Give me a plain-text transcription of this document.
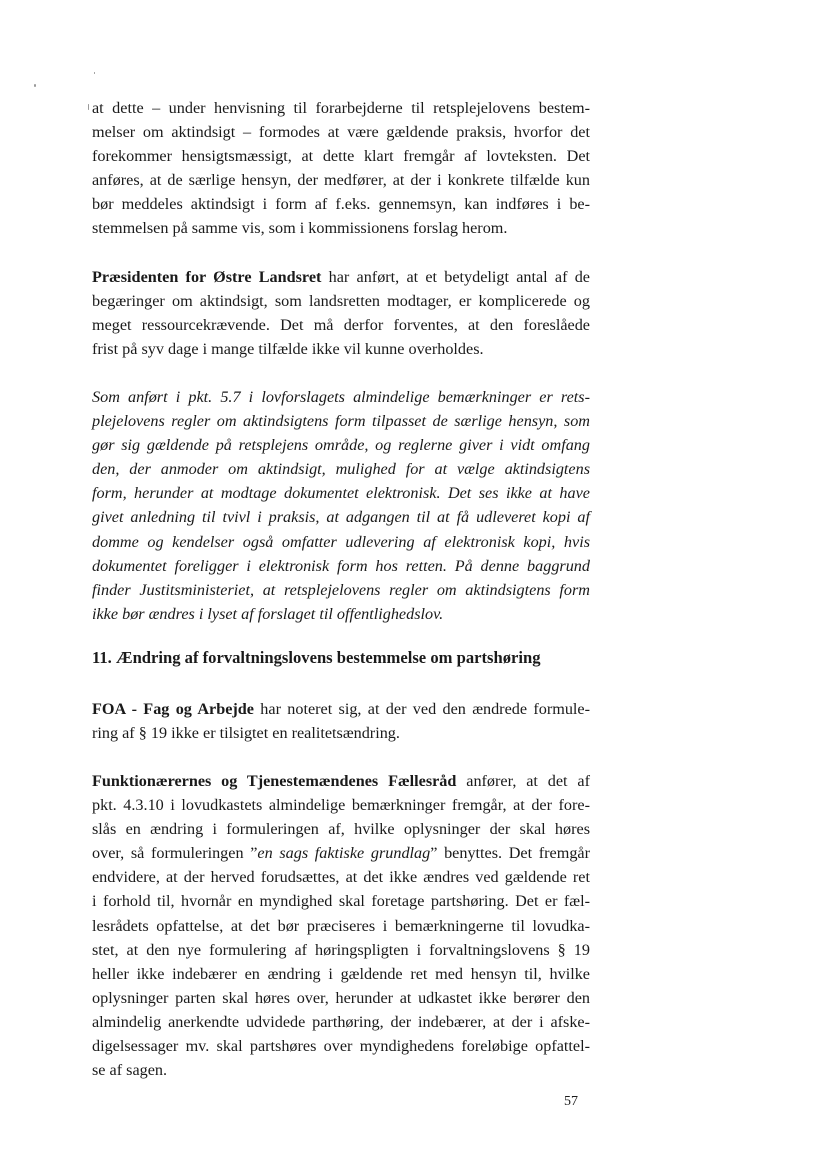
at dette – under henvisning til forarbejderne til retsplejelovens bestem-
melser om aktindsigt – formodes at være gældende praksis, hvorfor det
forekommer hensigtsmæssigt, at dette klart fremgår af lovteksten. Det
anføres, at de særlige hensyn, der medfører, at der i konkrete tilfælde kun
bør meddeles aktindsigt i form af f.eks. gennemsyn, kan indføres i be-
stemmelsen på samme vis, som i kommissionens forslag herom.
Præsidenten for Østre Landsret har anført, at et betydeligt antal af de
begæringer om aktindsigt, som landsretten modtager, er komplicerede og
meget ressourcekrævende. Det må derfor forventes, at den foreslåede
frist på syv dage i mange tilfælde ikke vil kunne overholdes.
Som anført i pkt. 5.7 i lovforslagets almindelige bemærkninger er rets-
plejelovens regler om aktindsigtens form tilpasset de særlige hensyn, som
gør sig gældende på retsplejens område, og reglerne giver i vidt omfang
den, der anmoder om aktindsigt, mulighed for at vælge aktindsigtens
form, herunder at modtage dokumentet elektronisk. Det ses ikke at have
givet anledning til tvivl i praksis, at adgangen til at få udleveret kopi af
domme og kendelser også omfatter udlevering af elektronisk kopi, hvis
dokumentet foreligger i elektronisk form hos retten. På denne baggrund
finder Justitsministeriet, at retsplejelovens regler om aktindsigtens form
ikke bør ændres i lyset af forslaget til offentlighedslov.
11. Ændring af forvaltningslovens bestemmelse om partshøring
FOA - Fag og Arbejde har noteret sig, at der ved den ændrede formule-
ring af § 19 ikke er tilsigtet en realitetsændring.
Funktionærernes og Tjenestemændenes Fællesråd anfører, at det af
pkt. 4.3.10 i lovudkastets almindelige bemærkninger fremgår, at der fore-
slås en ændring i formuleringen af, hvilke oplysninger der skal høres
over, så formuleringen ”en sags faktiske grundlag” benyttes. Det fremgår
endvidere, at der herved forudsættes, at det ikke ændres ved gældende ret
i forhold til, hvornår en myndighed skal foretage partshøring. Det er fæl-
lesrådets opfattelse, at det bør præciseres i bemærkningerne til lovudka-
stet, at den nye formulering af høringspligten i forvaltningslovens § 19
heller ikke indebærer en ændring i gældende ret med hensyn til, hvilke
oplysninger parten skal høres over, herunder at udkastet ikke berører den
almindelig anerkendte udvidede parthøring, der indebærer, at der i afske-
digelsessager mv. skal partshøres over myndighedens foreløbige opfattel-
se af sagen.
57
